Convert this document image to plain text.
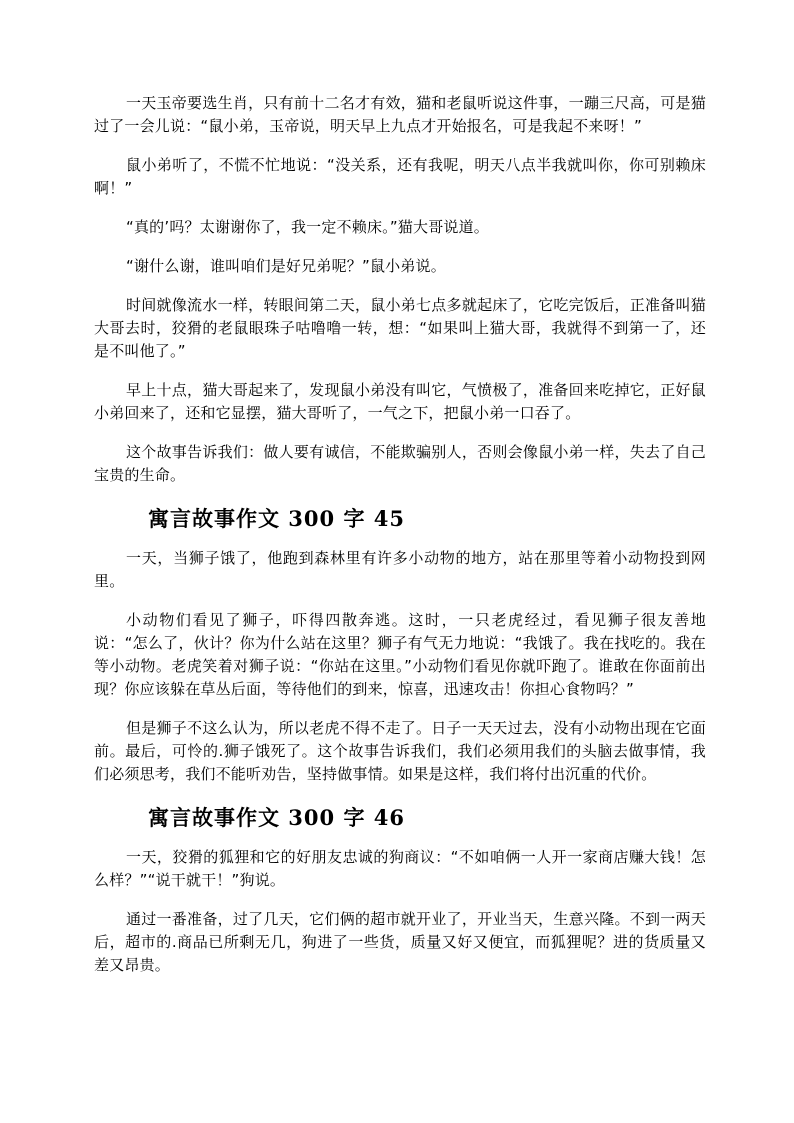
一天玉帝要选生肖，只有前十二名才有效，猫和老鼠听说这件事，一蹦三尺高，可是猫过了一会儿说：“鼠小弟，玉帝说，明天早上九点才开始报名，可是我起不来呀！”

鼠小弟听了，不慌不忙地说：“没关系，还有我呢，明天八点半我就叫你，你可别赖床啊！”

“真的’吗？太谢谢你了，我一定不赖床。”猫大哥说道。

“谢什么谢，谁叫咱们是好兄弟呢？”鼠小弟说。

时间就像流水一样，转眼间第二天，鼠小弟七点多就起床了，它吃完饭后，正准备叫猫大哥去时，狡猾的老鼠眼珠子咕噜噜一转，想：“如果叫上猫大哥，我就得不到第一了，还是不叫他了。”

早上十点，猫大哥起来了，发现鼠小弟没有叫它，气愤极了，准备回来吃掉它，正好鼠小弟回来了，还和它显摆，猫大哥听了，一气之下，把鼠小弟一口吞了。

这个故事告诉我们：做人要有诚信，不能欺骗别人，否则会像鼠小弟一样，失去了自己宝贵的生命。

寓言故事作文 300 字 45

一天，当狮子饿了，他跑到森林里有许多小动物的地方，站在那里等着小动物投到网里。

小动物们看见了狮子，吓得四散奔逃。这时，一只老虎经过，看见狮子很友善地说：“怎么了，伙计？你为什么站在这里？狮子有气无力地说：“我饿了。我在找吃的。我在等小动物。老虎笑着对狮子说：“你站在这里。”小动物们看见你就吓跑了。谁敢在你面前出现？你应该躲在草丛后面，等待他们的到来，惊喜，迅速攻击！你担心食物吗？”

但是狮子不这么认为，所以老虎不得不走了。日子一天天过去，没有小动物出现在它面前。最后，可怜的.狮子饿死了。这个故事告诉我们，我们必须用我们的头脑去做事情，我们必须思考，我们不能听劝告，坚持做事情。如果是这样，我们将付出沉重的代价。

寓言故事作文 300 字 46

一天，狡猾的狐狸和它的好朋友忠诚的狗商议：“不如咱俩一人开一家商店赚大钱！怎么样？”“说干就干！”狗说。

通过一番准备，过了几天，它们俩的超市就开业了，开业当天，生意兴隆。不到一两天后，超市的.商品已所剩无几，狗进了一些货，质量又好又便宜，而狐狸呢？进的货质量又差又昂贵。
